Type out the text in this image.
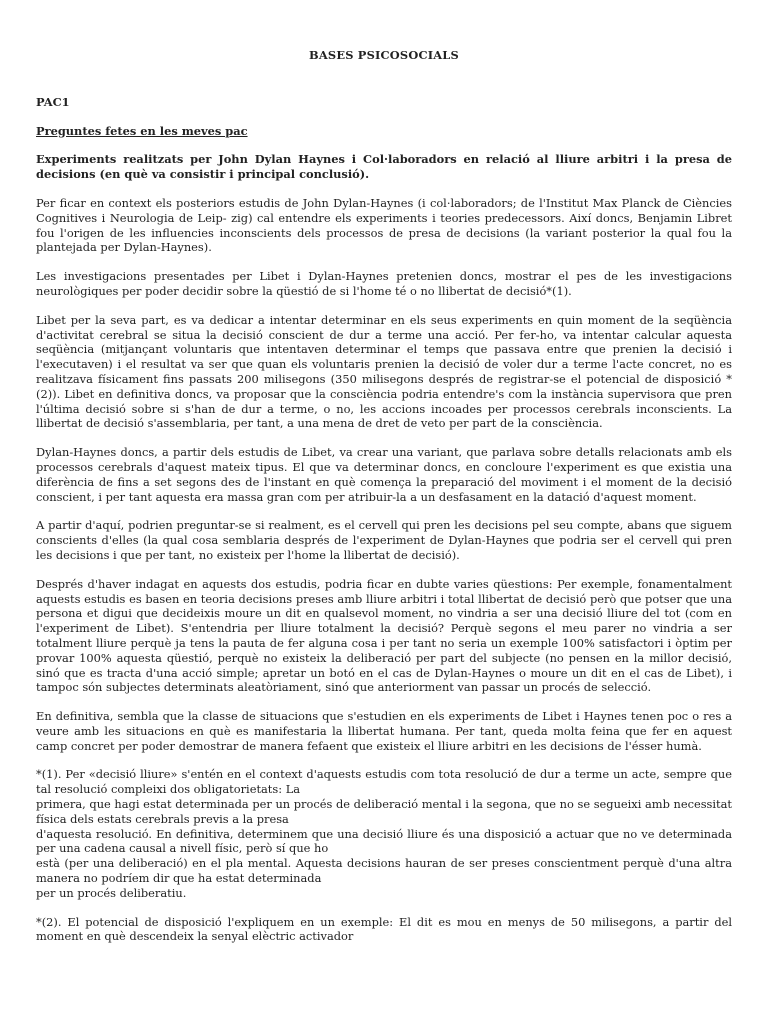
BASES PSICOSOCIALS
PAC1
Preguntes fetes en les meves pac
Experiments realitzats per John Dylan Haynes i Col·laboradors en relació al lliure arbitri i la presa de decisions (en què va consistir i principal conclusió).
Per ficar en context els posteriors estudis de John Dylan-Haynes (i col·laboradors; de l'Institut Max Planck de Ciències Cognitives i Neurologia de Leip- zig) cal entendre els experiments i teories predecessors. Així doncs, Benjamin Libret fou l'origen de les influencies inconscients dels processos de presa de decisions (la variant posterior la qual fou la plantejada per Dylan-Haynes).
Les investigacions presentades per Libet i Dylan-Haynes pretenien doncs, mostrar el pes de les investigacions neurològiques per poder decidir sobre la qüestió de si l'home té o no llibertat de decisió*(1).
Libet per la seva part, es va dedicar a intentar determinar en els seus experiments en quin moment de la seqüència d'activitat cerebral se situa la decisió conscient de dur a terme una acció. Per fer-ho, va intentar calcular aquesta seqüència (mitjançant voluntaris que intentaven determinar el temps que passava entre que prenien la decisió i l'executaven) i el resultat va ser que quan els voluntaris prenien la decisió de voler dur a terme l'acte concret, no es realitzava físicament fins passats 200 milisegons (350 milisegons després de registrar-se el potencial de disposició *(2)). Libet en definitiva doncs, va proposar que la consciència podria entendre's com la instància supervisora que pren l'última decisió sobre si s'han de dur a terme, o no, les accions incoades per processos cerebrals inconscients. La llibertat de decisió s'assemblaria, per tant, a una mena de dret de veto per part de la consciència.
Dylan-Haynes doncs, a partir dels estudis de Libet, va crear una variant, que parlava sobre detalls relacionats amb els processos cerebrals d'aquest mateix tipus. El que va determinar doncs, en concloure l'experiment es que existia una diferència de fins a set segons des de l'instant en què comença la preparació del moviment i el moment de la decisió conscient, i per tant aquesta era massa gran com per atribuir-la a un desfasament en la datació d'aquest moment.
A partir d'aquí, podrien preguntar-se si realment, es el cervell qui pren les decisions pel seu compte, abans que siguem conscients d'elles (la qual cosa semblaria després de l'experiment de Dylan-Haynes que podria ser el cervell qui pren les decisions i que per tant, no existeix per l'home la llibertat de decisió).
Després d'haver indagat en aquests dos estudis, podria ficar en dubte varies qüestions: Per exemple, fonamentalment aquests estudis es basen en teoria decisions preses amb lliure arbitri i total llibertat de decisió però que potser que una persona et digui que decideixis moure un dit en qualsevol moment, no vindria a ser una decisió lliure del tot (com en l'experiment de Libet). S'entendria per lliure totalment la decisió? Perquè segons el meu parer no vindria a ser totalment lliure perquè ja tens la pauta de fer alguna cosa i per tant no seria un exemple 100% satisfactori i òptim per provar 100% aquesta qüestió, perquè no existeix la deliberació per part del subjecte (no pensen en la millor decisió, sinó que es tracta d'una acció simple; apretar un botó en el cas de Dylan-Haynes o moure un dit en el cas de Libet), i tampoc són subjectes determinats aleatòriament, sinó que anteriorment van passar un procés de selecció.
En definitiva, sembla que la classe de situacions que s'estudien en els experiments de Libet i Haynes tenen poc o res a veure amb les situacions en què es manifestaria la llibertat humana. Per tant, queda molta feina que fer en aquest camp concret per poder demostrar de manera fefaent que existeix el lliure arbitri en les decisions de l'ésser humà.
*(1). Per «decisió lliure» s'entén en el context d'aquests estudis com tota resolució de dur a terme un acte, sempre que tal resolució compleixi dos obligatorietats: La
primera, que hagi estat determinada per un procés de deliberació mental i la segona, que no se segueixi amb necessitat física dels estats cerebrals previs a la presa
d'aquesta resolució. En definitiva, determinem que una decisió lliure és una disposició a actuar que no ve determinada per una cadena causal a nivell físic, però sí que ho
està (per una deliberació) en el pla mental. Aquesta decisions hauran de ser preses conscientment perquè d'una altra manera no podríem dir que ha estat determinada
per un procés deliberatiu.
*(2). El potencial de disposició l'expliquem en un exemple: El dit es mou en menys de 50 milisegons, a partir del moment en què descendeix la senyal elèctric activador
